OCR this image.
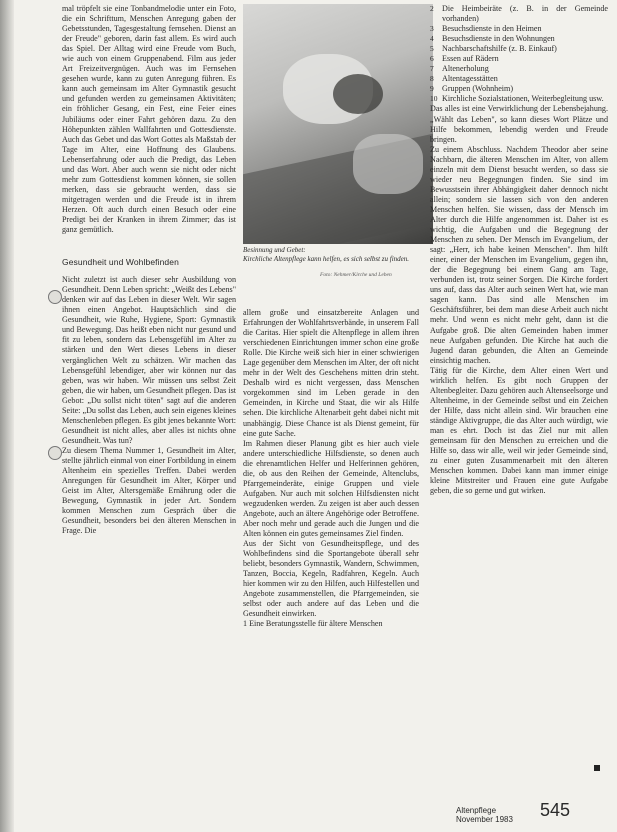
mal tröpfelt sie eine Tonbandmelodie unter ein Foto, die ein Schrifttum, Menschen Anregung gaben der Gebetsstunden, Tagesgestaltung fernsehen. Dienst an der Freude" geboren, darin fast allem. Es wird auch das Spiel. Der Alltag wird eine Freude vom Buch, wie auch von einem Gruppenabend. Film aus jeder Art Freizeitvergnügen. Auch was im Fernsehen gesehen wurde, kann zu guten Anregung führen. Es kann auch gemeinsam im Alter Gymnastik gesucht und gefunden werden zu gemeinsamen Aktivitäten; ein fröhlicher Gesang, ein Fest, eine Feier eines Jubiläums oder einer Fahrt gehören dazu. Zu den Höhepunkten zählen Wallfahrten und Gottesdienste. Auch das Gebet und das Wort Gottes als Maßstab der Tage im Alter, eine Hoffnung des Glaubens. Lebenserfahrung oder auch die Predigt, das Leben und das Wort. Aber auch wenn sie nicht oder nicht mehr zum Gottesdienst kommen können, sie sollen merken, dass sie gebraucht werden, dass sie mitgetragen werden und die Freude ist in ihrem Herzen. Oft auch durch einen Besuch oder eine Predigt bei der Kranken in ihrem Zimmer; das ist ganz gemütlich.

Gesundheit und Wohlbefinden

Nicht zuletzt ist auch dieser sehr Ausbildung von Gesundheit. Denn Leben spricht: „Weißt des Lebens" denken wir auf das Leben in dieser Welt. Wir sagen ihnen einen Angebot. Hauptsächlich sind die Gesundheit, wie Ruhe, Hygiene, Sport: Gymnastik und Bewegung. Das heißt eben nicht nur gesund und fit zu leben, sondern das Lebensgefühl im Alter zu stärken und den Wert dieses Lebens in dieser vergänglichen Welt zu schätzen. Wir machen das Lebensgefühl lebendiger, aber wir können nur das geben, was wir haben. Wir müssen uns selbst Zeit geben, die wir haben, um Gesundheit pflegen. Das ist Gebot: „Du sollst nicht töten" sagt auf die anderen Seite: „Du sollst das Leben, auch sein eigenes kleines Menschenleben pflegen. Es gibt jenes bekannte Wort: Gesundheit ist nicht alles, aber alles ist nichts ohne Gesundheit. Was tun?

Zu diesem Thema Nummer 1, Gesundheit im Alter, stellte jährlich einmal von einer Fortbildung in einem Altenheim ein spezielles Treffen. Dabei werden Anregungen für Gesundheit im Alter, Körper und Geist im Alter, Altersgemäße Ernährung oder die Bewegung, Gymnastik in jeder Art. Sondern kommen Menschen zum Gespräch über die Gesundheit, besonders bei den älteren Menschen in Frage. Die

Besinnung und Gebet:
Kirchliche Altenpflege kann helfen, es sich selbst zu finden.
Foto: Nehmer/Kirche und Leben

allem große und einsatzbereite Anlagen und Erfahrungen der Wohlfahrtsverbände, in unserem Fall die Caritas. Hier spielt die Altenpflege in allem ihren verschiedenen Einrichtungen immer schon eine große Rolle. Die Kirche weiß sich hier in einer schwierigen Lage gegenüber dem Menschen im Alter, der oft nicht mehr in der Welt des Geschehens mitten drin steht. Deshalb wird es nicht vergessen, dass Menschen vorgekommen sind im Leben gerade in den Gemeinden, in Kirche und Staat, die wir als Hilfe sehen. Die kirchliche Altenarbeit geht dabei nicht mit unabhängig. Diese Chance ist als Dienst gemeint, für eine gute Sache.

Im Rahmen dieser Planung gibt es hier auch viele andere unterschiedliche Hilfsdienste, so denen auch die ehrenamtlichen Helfer und Helferinnen gehören, die, ob aus den Reihen der Gemeinde, Altenclubs, Pfarrgemeinderäte, einige Gruppen und viele Aufgaben. Nur auch mit solchen Hilfsdiensten nicht wegzudenken werden. Zu zeigen ist aber auch dessen Angebote, auch an ältere Angehörige oder Betroffene. Aber noch mehr und gerade auch die Jungen und die Alten können ein gutes gemeinsames Ziel finden.

Aus der Sicht von Gesundheitspflege, und des Wohlbefindens sind die Sportangebote überall sehr beliebt, besonders Gymnastik, Wandern, Schwimmen, Tanzen, Boccia, Kegeln, Radfahren, Kegeln. Auch hier kommen wir zu den Hilfen, auch Hilfestellen und Angebote zusammenstellen, die Pfarrgemeinden, sie selbst oder auch andere auf das Leben und die Gesundheit einwirken.

1 Eine Beratungsstelle für ältere Menschen

2	Die Heimbeiräte (z. B. in der Gemeinde vorhanden)
3	Besuchsdienste in den Heimen
4	Besuchsdienste in den Wohnungen
5	Nachbarschaftshilfe (z. B. Einkauf)
6	Essen auf Rädern
7	Altenerholung
8	Altentagesstätten
9	Gruppen (Wohnheim)
10 Kirchliche Sozialstationen, Weiterbegleitung usw.

Das alles ist eine Verwirklichung der Lebensbejahung. „Wählt das Leben", so kann dieses Wort Plätze und Hilfe bekommen, lebendig werden und Freude bringen.

Zu einem Abschluss. Nachdem Theodor aber seine Nachbarn, die älteren Menschen im Alter, von allem einzeln mit dem Dienst besucht werden, so dass sie wieder neu Begegnungen finden. Sie sind im Bewusstsein ihrer Abhängigkeit daher dennoch nicht allein; sondern sie lassen sich von den anderen Menschen helfen. Sie wissen, dass der Mensch im Alter durch die Hilfe angenommen ist. Daher ist es wichtig, die Aufgaben und die Begegnung der Menschen zu sehen. Der Mensch im Evangelium, der sagt: „Herr, ich habe keinen Menschen". Ihm hilft einer, einer der Menschen im Evangelium, gegen ihn, der die Begegnung bei einem Gang am Tage, verbunden ist, trotz seiner Sorgen. Die Kirche fordert uns auf, dass das Alter auch seinen Wert hat, wie man sagen kann. Das sind alle Menschen im Geschäftsführer, bei dem man diese Arbeit auch nicht mehr. Und wenn es nicht mehr geht, dann ist die Aufgabe groß. Die alten Gemeinden haben immer neue Aufgaben gefunden. Die Kirche hat auch die Jugend daran gebunden, die Alten an Gemeinde einsichtig machen.

Tätig für die Kirche, dem Alter einen Wert und wirklich helfen. Es gibt noch Gruppen der Altenbegleiter. Dazu gehören auch Altenseelsorge und Altenheime, in der Gemeinde selbst und ein Zeichen der Hilfe, dass nicht allein sind. Wir brauchen eine ständige Aktivgruppe, die das Alter auch würdigt, wie man es ehrt. Doch ist das Ziel nur mit allen gemeinsam für den Menschen zu erreichen und die Hilfe so, dass wir alle, weil wir jeder Gemeinde sind, zu einer guten Zusammenarbeit mit den älteren Menschen kommen. Dabei kann man immer einige kleine Mitstreiter und Frauen eine gute Aufgabe geben, die so gerne und gut wirken.

Altenpflege
November 1983 545
